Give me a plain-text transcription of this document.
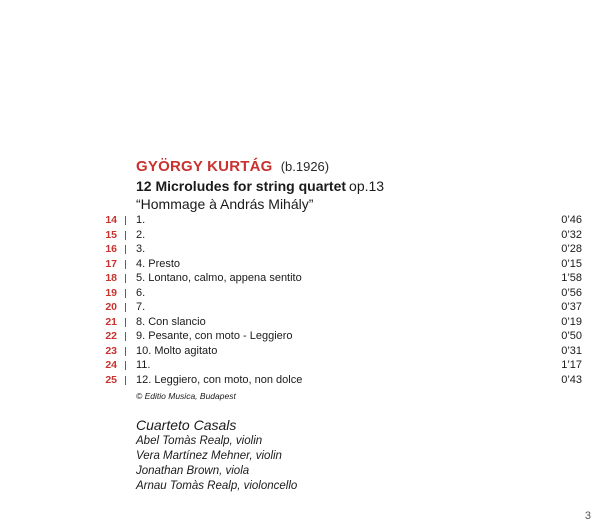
GYÖRGY KURTÁG (b.1926)
12 Microludes for string quartet op.13
“Hommage à András Mihály”
14 1.	0’46
15 2.	0’32
16 3.	0’28
17 4. Presto	0’15
18 5. Lontano, calmo, appena sentito	1’58
19 6.	0’56
20 7.	0’37
21 8. Con slancio	0’19
22 9. Pesante, con moto - Leggiero	0’50
23 10. Molto agitato	0’31
24 11.	1’17
25 12. Leggiero, con moto, non dolce	0’43
© Editio Musica, Budapest
Cuarteto Casals
Abel Tomàs Realp, violin
Vera Martínez Mehner, violin
Jonathan Brown, viola
Arnau Tomàs Realp, violoncello
3
